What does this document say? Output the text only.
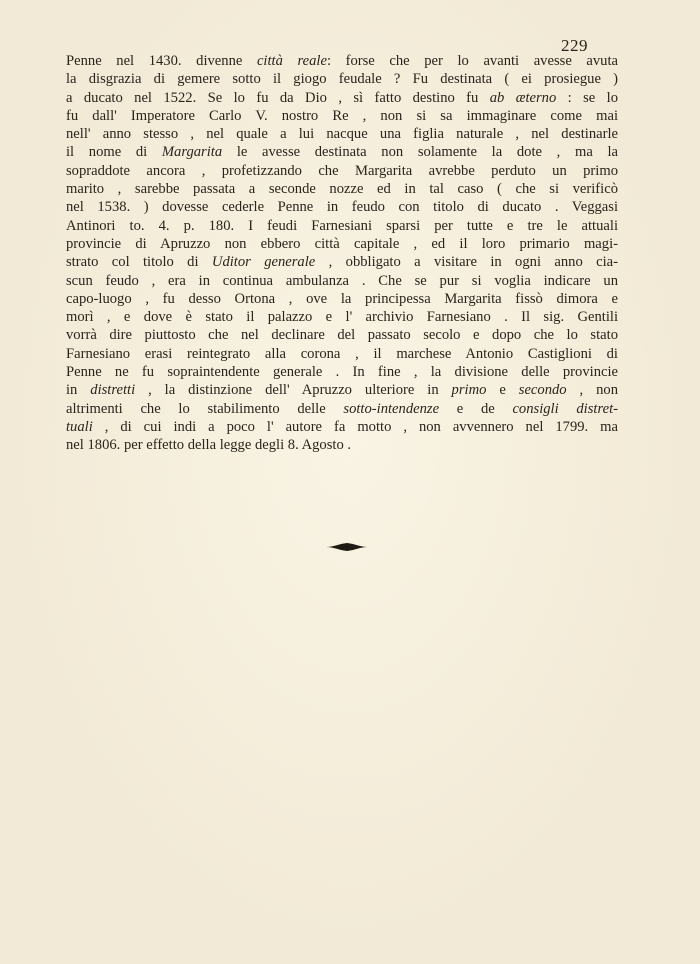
229
Penne nel 1430. divenne città reale: forse che per lo avanti avesse avuta
la disgrazia di gemere sotto il giogo feudale ? Fu destinata ( ei prosiegue )
a ducato nel 1522. Se lo fu da Dio , sì fatto destino fu ab æterno : se lo
fu dall' Imperatore Carlo V. nostro Re , non si sa immaginare come mai
nell' anno stesso , nel quale a lui nacque una figlia naturale , nel destinarle
il nome di Margarita le avesse destinata non solamente la dote , ma la
sopraddote ancora , profetizzando che Margarita avrebbe perduto un primo
marito , sarebbe passata a seconde nozze ed in tal caso ( che si verificò
nel 1538. ) dovesse cederle Penne in feudo con titolo di ducato . Veggasi
Antinori to. 4. p. 180. I feudi Farnesiani sparsi per tutte e tre le attuali
provincie di Apruzzo non ebbero città capitale , ed il loro primario magi-
strato col titolo di Uditor generale , obbligato a visitare in ogni anno cia-
scun feudo , era in continua ambulanza . Che se pur si voglia indicare un
capo-luogo , fu desso Ortona , ove la principessa Margarita fissò dimora e
morì , e dove è stato il palazzo e l' archivio Farnesiano . Il sig. Gentili
vorrà dire piuttosto che nel declinare del passato secolo e dopo che lo stato
Farnesiano erasi reintegrato alla corona , il marchese Antonio Castiglioni di
Penne ne fu sopraintendente generale . In fine , la divisione delle provincie
in distretti , la distinzione dell' Apruzzo ulteriore in primo e secondo , non
altrimenti che lo stabilimento delle sotto-intendenze e de consigli distret-
tuali , di cui indi a poco l' autore fa motto , non avvennero nel 1799. ma
nel 1806. per effetto della legge degli 8. Agosto .
